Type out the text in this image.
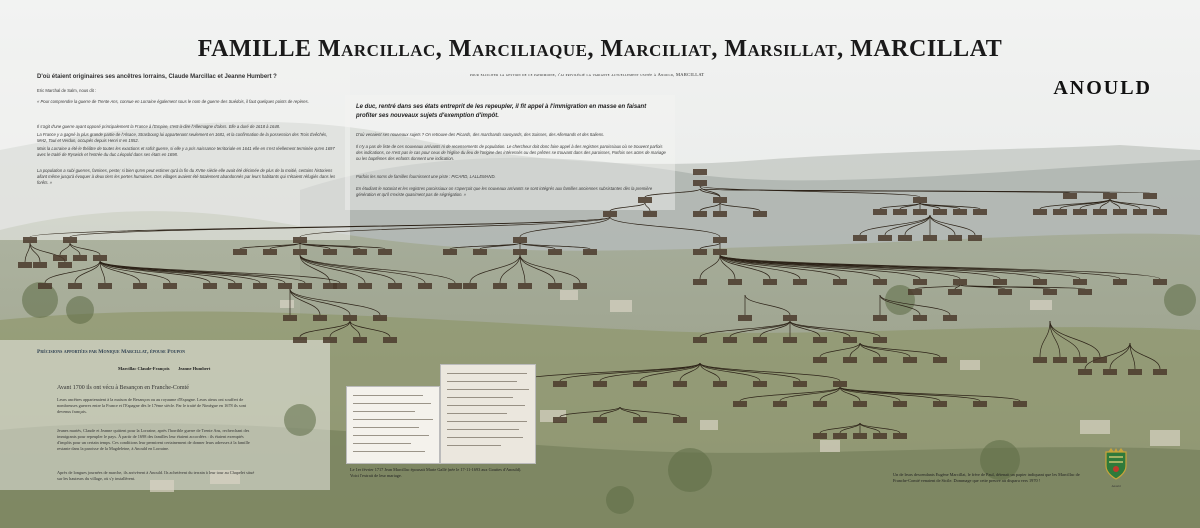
FAMILLE Marcillac, Marciliaque, Marciliat, Marsillat, MARCILLAT
ANOULD
pour faciliter la gestion de ce patrimoine, j'ai privilégié la variante actuellement usitée à Anould, MARCILLAT
D'où étaient originaires ses ancêtres lorrains, Claude Marcillac et Jeanne Humbert ?
Eric Marchal de Salm, nous dit :
« Pour comprendre la guerre de Trente Ans, connue en Lorraine également sous le nom de guerre des Suédois, il faut quelques points de repères.
Il s'agit d'une guerre ayant opposé principalement la France à l'Empire, c'est-à-dire l'Allemagne d'alors. Elle a duré de 1618 à 1648.
La France y a gagné la plus grande partie de l'Alsace, Strasbourg lui appartenant seulement en 1681, et la confirmation de la possession des Trois Évêchés, Metz, Toul et Verdun, occupés depuis Henri II en 1552.
Mais la Lorraine a été le théâtre de toutes les exactions et sofrit guerre, si elle y a pris naissance territoriale en 1641 elle en s'est réellement terminée qu'en 1697 avec le traité de Ryswick et l'entrée du duc Léopold dans ses états en 1698.
La population a subi guerres, famines, peste; si bien qu'en peut estimer qu'à la fin du XVIIe siècle elle avait été décimée de plus de la moitié, certains historiens allant même jusqu'à évoquer à deux tiers les pertes humaines. Des villages avaient été totalement abandonnés par leurs habitants qui s'étaient réfugiés dans les forêts. »
Le duc, rentré dans ses états entreprit de les repeupler, il fit appel à l'immigration en masse en faisant profiter ses nouveaux sujets d'exemption d'impôt.
D'où venaient ses nouveaux sujets ? On retrouve des Picards, des marchands savoyards, des Suisses, des Allemands et des Italiens.
Il n'y a pas de liste de ces nouveaux arrivants ni de recensements de population. Le chercheur doit donc faire appel à des registres paroissiaux où se trouvent parfois des indications, ce n'est pas le cas pour ceux de l'église du lieu de l'origine des intéressés ou des prêtres se trouvant dans des paroisses, Parfois ses actes de mariage ou les baptêmes des enfants donnent une indication.
Parfois les noms de familles fournissent une piste : PICARD, LALLEMAND.
En étudiant le notariat et les registres paroissiaux on s'aperçoit que les nouveaux arrivants se sont intégrés aux familles anciennes subsistantes dès la première génération et qu'il n'existe quasiment pas de ségrégation. »
Précisions apportées par Monique Marcillat, épouse Poupon
Marcillac Claude-François Jeanne Humbert
Avant 1700 ils ont vécu à Besançon en Franche-Comté
Leurs ancêtres appartenaient à la maison de Besançon ou au royaume d'Espagne. Leurs aïeux ont souffert de nombreuses guerres entre la France et l'Espagne dès le 17ème siècle. Par le traité de Nimègue en 1678 ils sont devenus français.
Jeunes mariés, Claude et Jeanne quittent pour la Lorraine, après l'horrible guerre de Trente Ans, recherchant des immigrants pour repeupler le pays. À partir de 1698 des familles leur étaient accordées : ils étaient exemptés d'impôts pour un certain temps. Ces conditions leur permirent certainement de donner leurs adresses à la famille restante dans la paroisse de la Magdeleine, à Anould en Lorraine.
Après de longues journées de marche, ils arrivèrent à Anould. Ils achetèrent du terrain à leur tour au Chapelet situé sur les hauteurs du village, où s'y installèrent.
Le 1er février 1717 Jean Marcillac épousait Marie Gallé (née le 17-11-1693 aux Gouttes d'Anould). Voici l'extrait de leur mariage.	Un de leurs descendants Eugène Marcillat, le frère de Paul, détenait un papier indiquant que les Marcillac de Franche-Comté venaient de Sicile. Dommage que cette preuve ait disparu vers 1970 !
Anould
